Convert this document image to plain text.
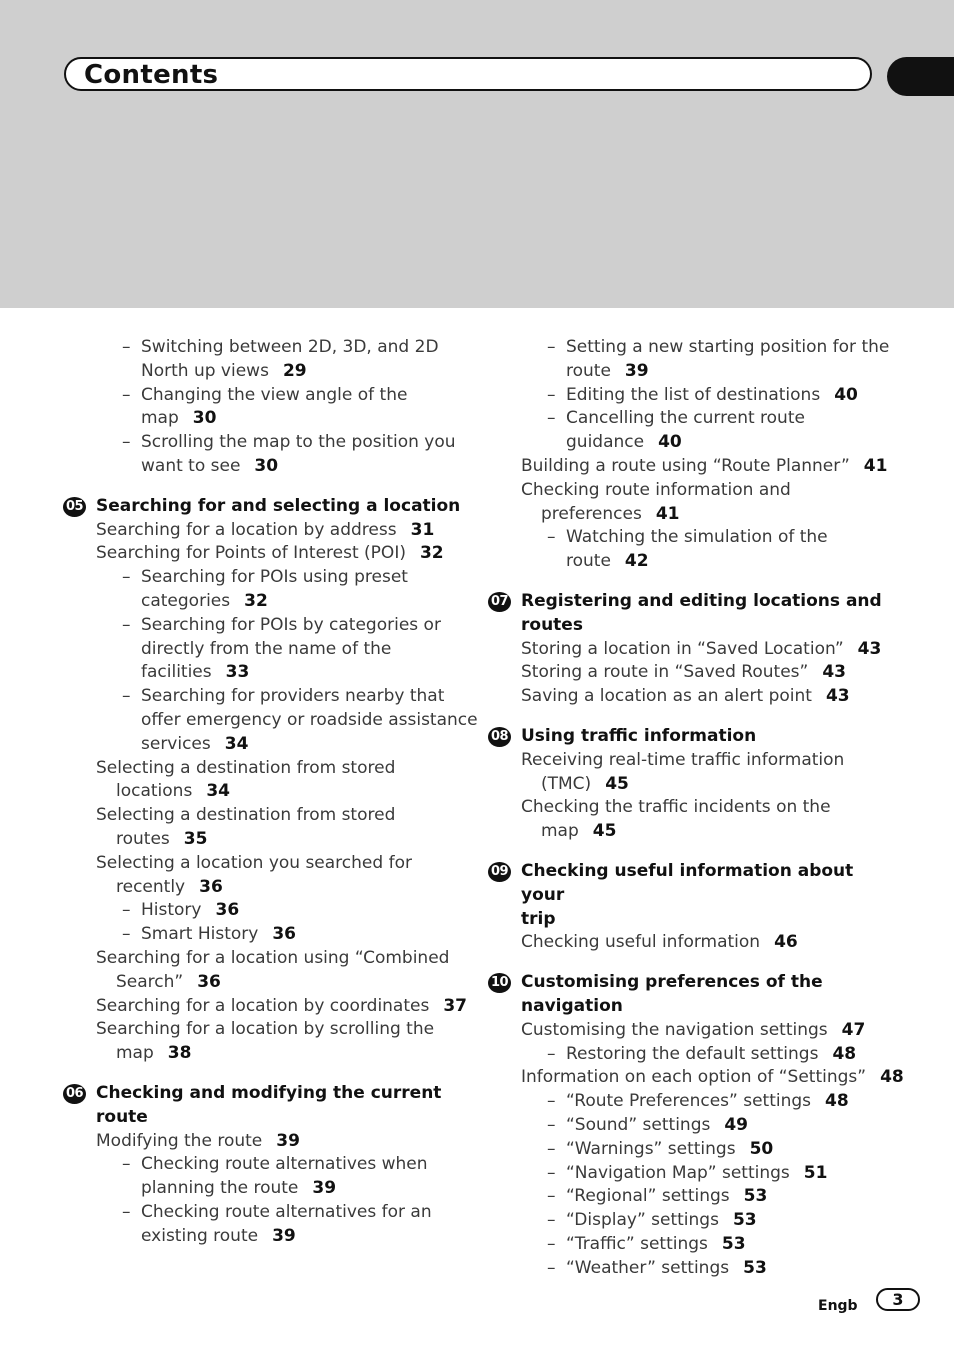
Contents
– Switching between 2D, 3D, and 2D
North up views 29
– Changing the view angle of the
map 30
– Scrolling the map to the position you
want to see 30
05 Searching for and selecting a location
Searching for a location by address 31
Searching for Points of Interest (POI) 32
– Searching for POIs using preset
categories 32
– Searching for POIs by categories or
directly from the name of the
facilities 33
– Searching for providers nearby that
offer emergency or roadside assistance
services 34
Selecting a destination from stored
locations 34
Selecting a destination from stored
routes 35
Selecting a location you searched for
recently 36
– History 36
– Smart History 36
Searching for a location using “Combined
Search” 36
Searching for a location by coordinates 37
Searching for a location by scrolling the
map 38
06 Checking and modifying the current
route
Modifying the route 39
– Checking route alternatives when
planning the route 39
– Checking route alternatives for an
existing route 39
– Setting a new starting position for the
route 39
– Editing the list of destinations 40
– Cancelling the current route
guidance 40
Building a route using “Route Planner” 41
Checking route information and
preferences 41
– Watching the simulation of the
route 42
07 Registering and editing locations and
routes
Storing a location in “Saved Location” 43
Storing a route in “Saved Routes” 43
Saving a location as an alert point 43
08 Using traffic information
Receiving real-time traffic information
(TMC) 45
Checking the traffic incidents on the
map 45
09 Checking useful information about your
trip
Checking useful information 46
10 Customising preferences of the
navigation
Customising the navigation settings 47
– Restoring the default settings 48
Information on each option of “Settings” 48
– “Route Preferences” settings 48
– “Sound” settings 49
– “Warnings” settings 50
– “Navigation Map” settings 51
– “Regional” settings 53
– “Display” settings 53
– “Traffic” settings 53
– “Weather” settings 53
Engb	3
